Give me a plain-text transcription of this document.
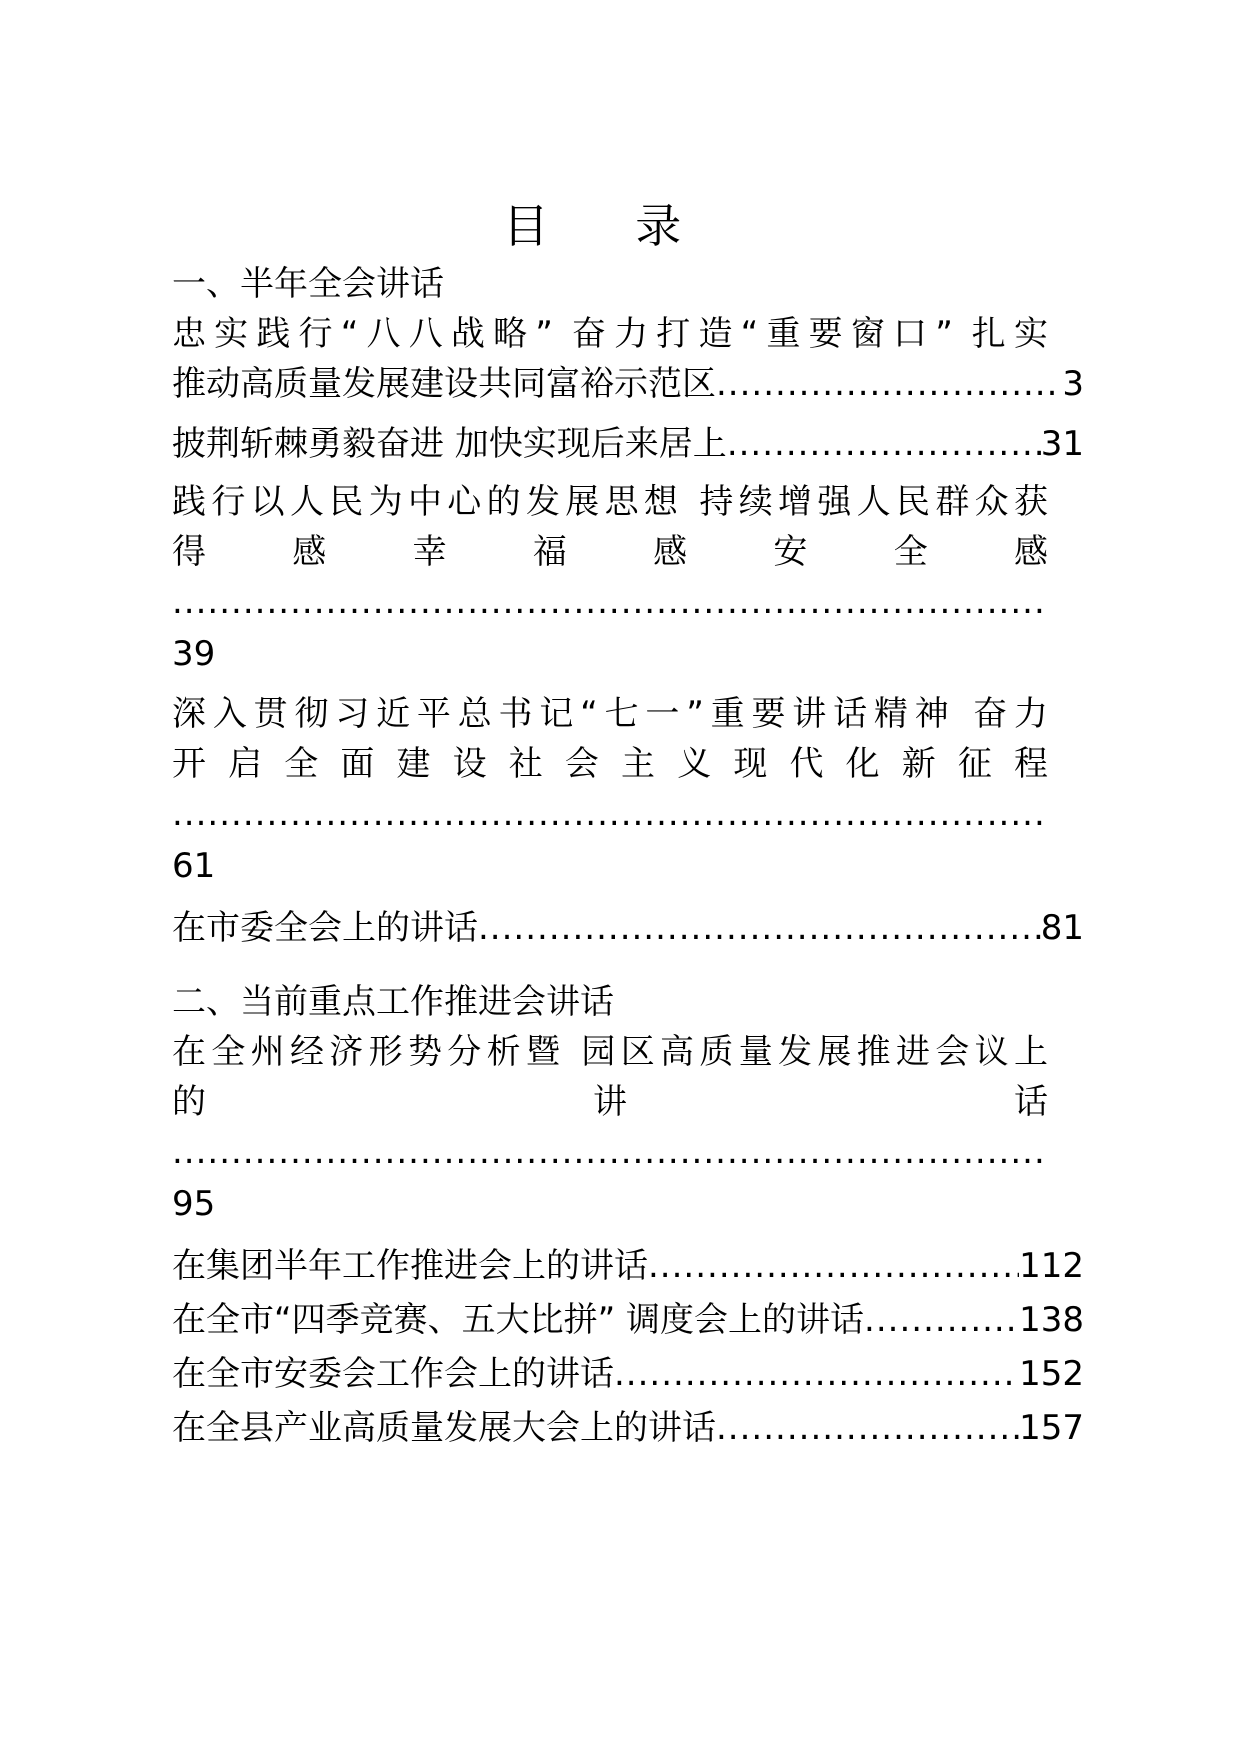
目 录
一、半年全会讲话
忠实践行“八八战略” 奋力打造“重要窗口” 扎实
推动高质量发展建设共同富裕示范区 .....	3
披荆斩棘勇毅奋进 加快实现后来居上 .....	31
践行以人民为中心的发展思想 持续增强人民群众获
得 感 幸 福 感 安 全 感
.....
39
深入贯彻习近平总书记“七一”重要讲话精神 奋力
开 启 全 面 建 设 社 会 主 义 现 代 化 新 征 程
.....
61
在市委全会上的讲话 .....	81
二、当前重点工作推进会讲话
在全州经济形势分析暨 园区高质量发展推进会议上
的 讲 话
.....
95
在集团半年工作推进会上的讲话 .....	112
在全市“四季竞赛、五大比拼” 调度会上的讲话 .....	138
在全市安委会工作会上的讲话 .....	152
在全县产业高质量发展大会上的讲话 .....	157
